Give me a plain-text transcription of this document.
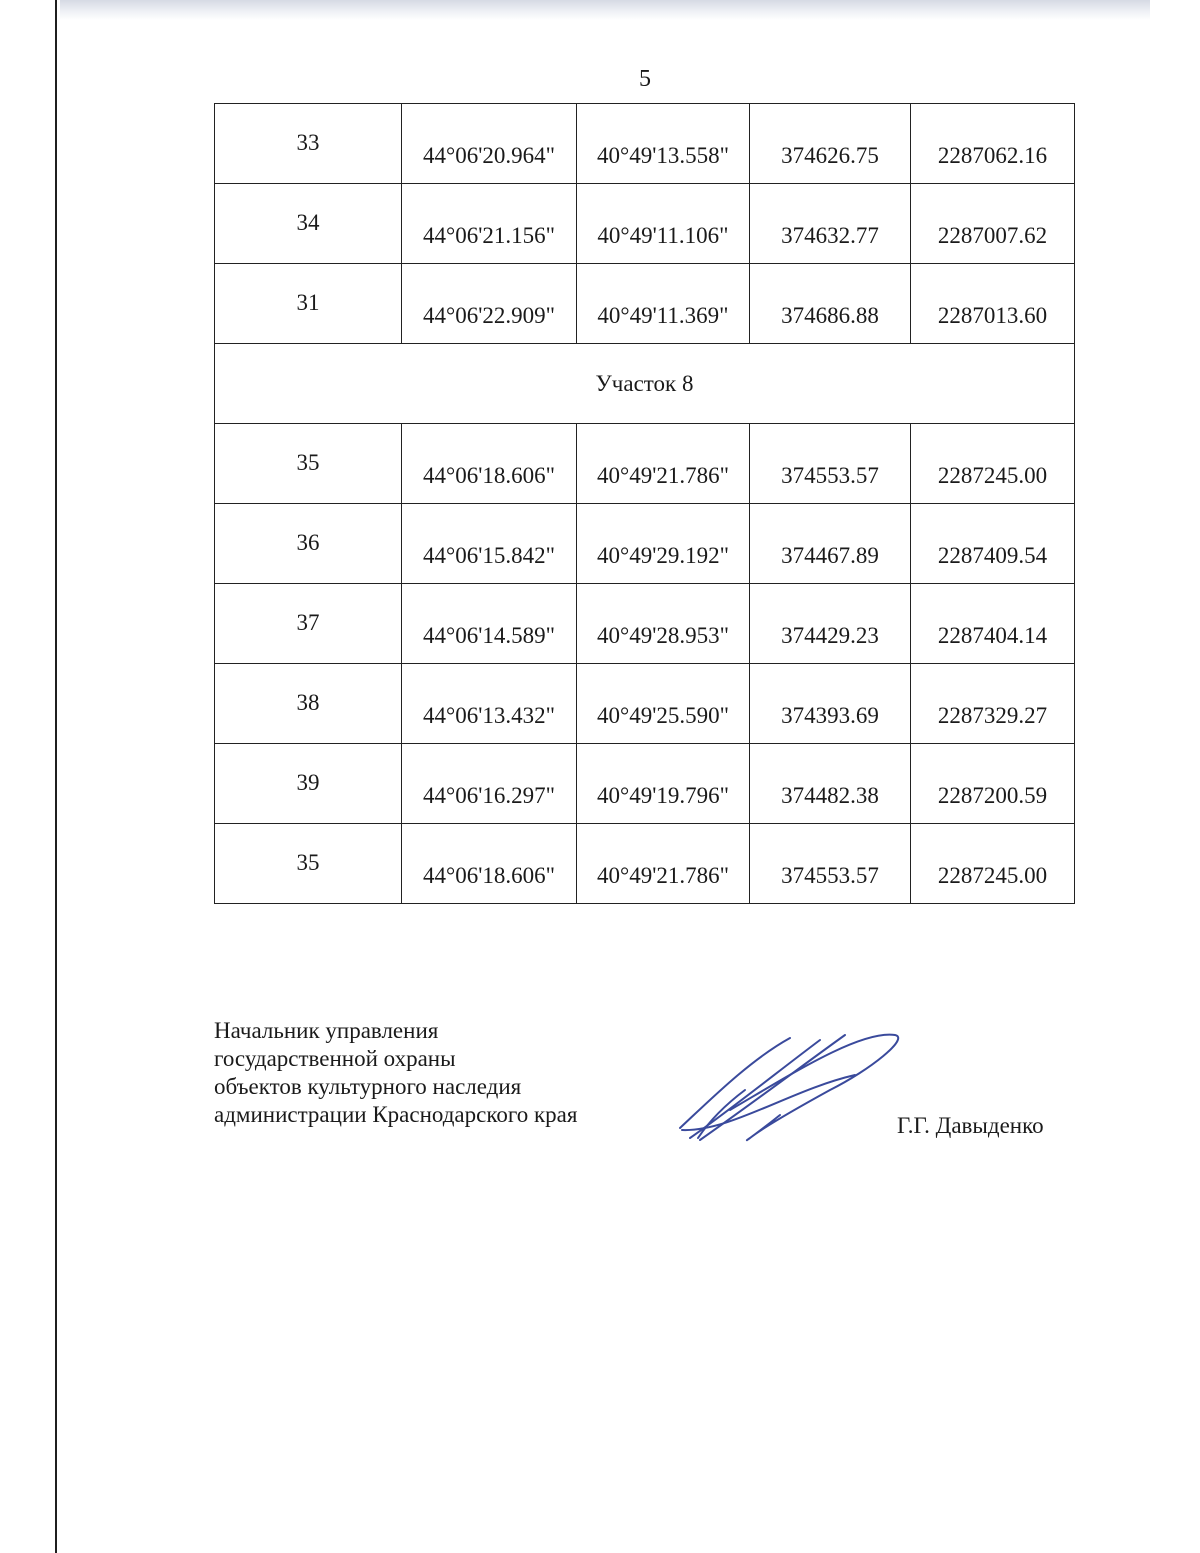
5
33	44°06'20.964"	40°49'13.558"	374626.75	2287062.16
34	44°06'21.156"	40°49'11.106"	374632.77	2287007.62
31	44°06'22.909"	40°49'11.369"	374686.88	2287013.60
Участок 8				
35	44°06'18.606"	40°49'21.786"	374553.57	2287245.00
36	44°06'15.842"	40°49'29.192"	374467.89	2287409.54
37	44°06'14.589"	40°49'28.953"	374429.23	2287404.14
38	44°06'13.432"	40°49'25.590"	374393.69	2287329.27
39	44°06'16.297"	40°49'19.796"	374482.38	2287200.59
35	44°06'18.606"	40°49'21.786"	374553.57	2287245.00
Начальник управления
государственной охраны
объектов культурного наследия
администрации Краснодарского края	Г.Г. Давыденко
